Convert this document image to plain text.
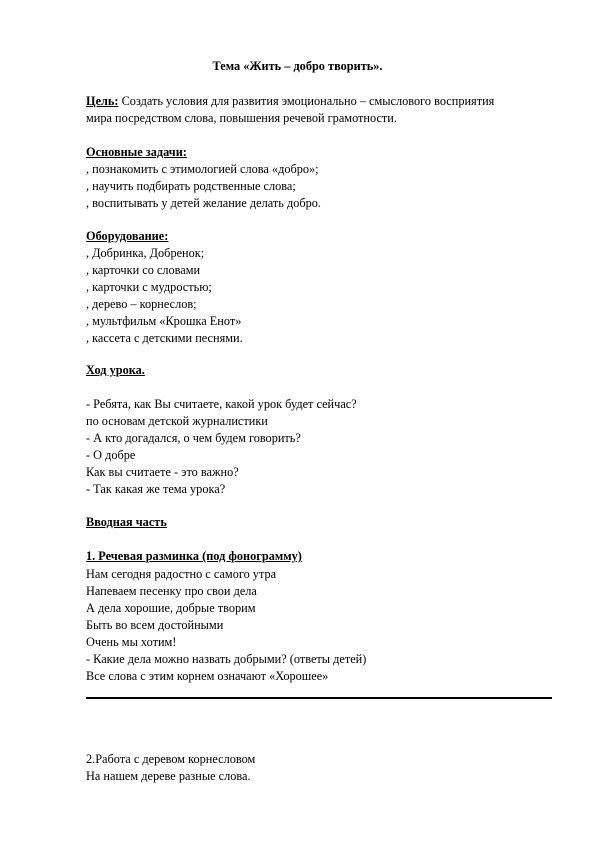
Тема «Жить – добро творить».
Цель: Создать условия для развития эмоционально – смыслового восприятия
мира посредством слова, повышения речевой грамотности.
Основные задачи:
, познакомить с этимологией слова «добро»;
, научить подбирать родственные слова;
, воспитывать у детей желание делать добро.
Оборудование:
, Добринка, Добренок;
, карточки со словами
, карточки с мудростью;
, дерево – корнеслов;
, мультфильм «Крошка Енот»
, кассета с детскими песнями.
Ход урока.
- Ребята, как Вы считаете, какой урок будет сейчас?
по основам детской журналистики
- А кто догадался, о чем будем говорить?
- О добре
Как вы считаете - это важно?
- Так какая же тема урока?
Вводная часть
1. Речевая разминка (под фонограмму)
Нам сегодня радостно с самого утра
Напеваем песенку про свои дела
А дела хорошие, добрые творим
Быть во всем достойными
Очень мы хотим!
- Какие дела можно назвать добрыми? (ответы детей)
Все слова с этим корнем означают «Хорошее»
2.Работа с деревом корнесловом
На нашем дереве разные слова.
